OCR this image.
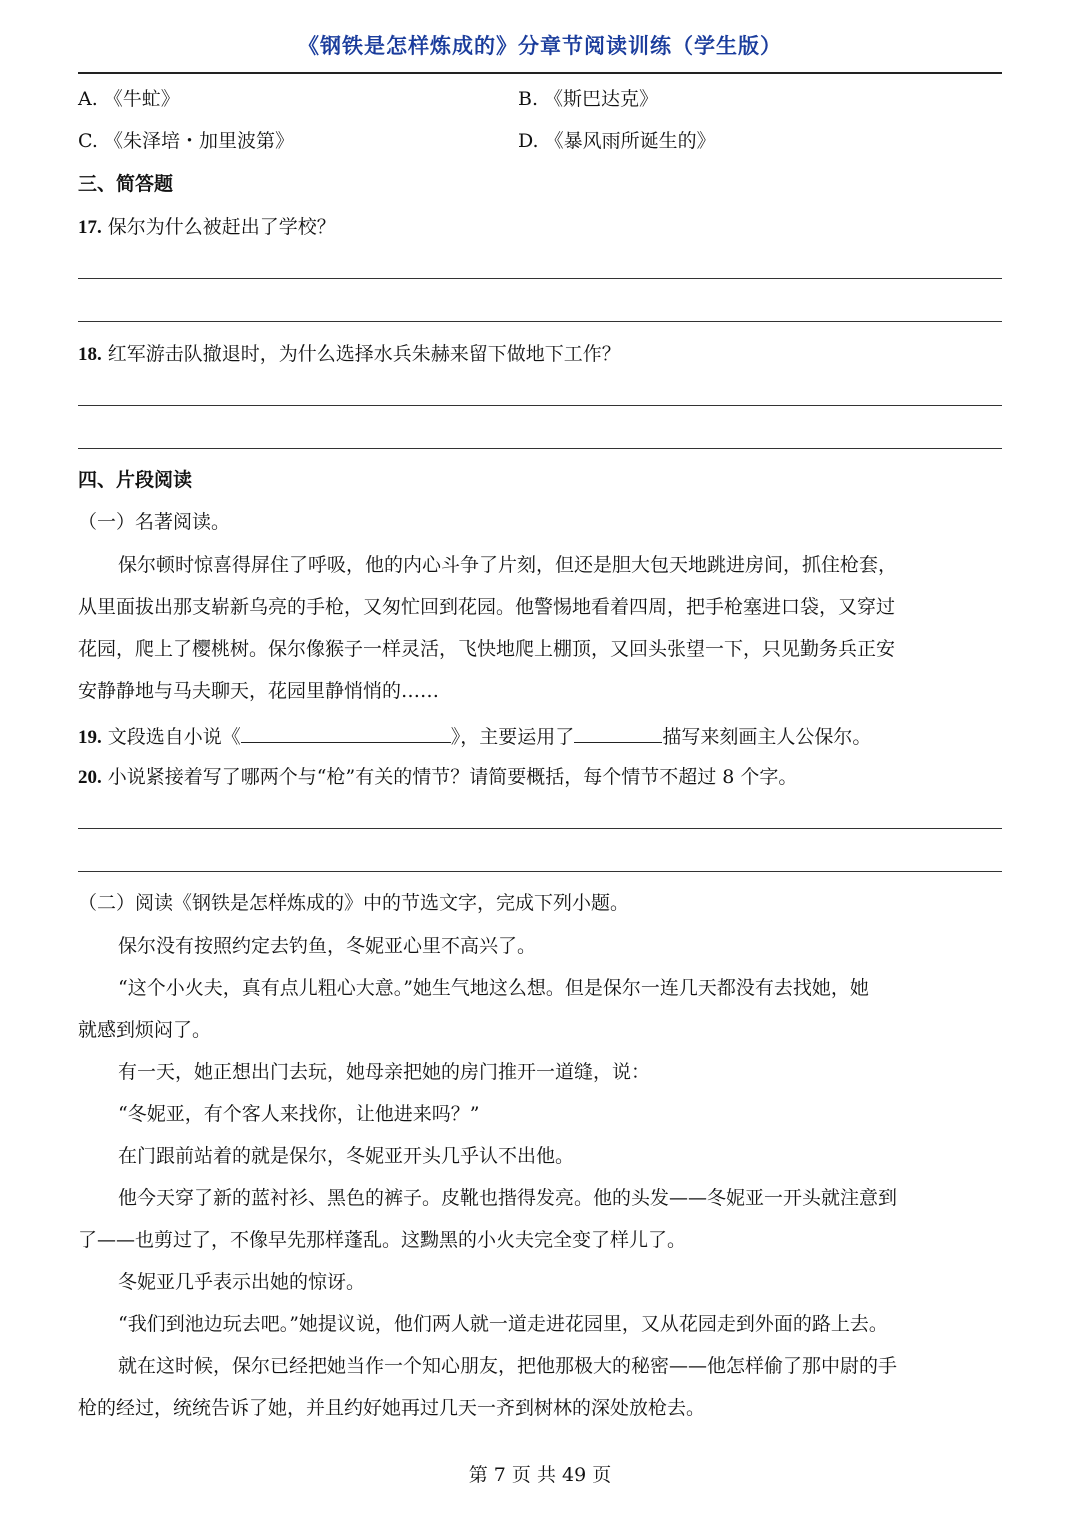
《钢铁是怎样炼成的》分章节阅读训练（学生版）
A. 《牛虻》	B. 《斯巴达克》
C. 《朱泽培・加里波第》	D. 《暴风雨所诞生的》
三、简答题
17. 保尔为什么被赶出了学校？
18. 红军游击队撤退时，为什么选择水兵朱赫来留下做地下工作？
四、片段阅读
（一）名著阅读。
保尔顿时惊喜得屏住了呼吸，他的内心斗争了片刻，但还是胆大包天地跳进房间，抓住枪套，
从里面拔出那支崭新乌亮的手枪，又匆忙回到花园。他警惕地看着四周，把手枪塞进口袋，又穿过
花园，爬上了樱桃树。保尔像猴子一样灵活，飞快地爬上棚顶，又回头张望一下，只见勤务兵正安
安静静地与马夫聊天，花园里静悄悄的……
19. 文段选自小说《	》，主要运用了	描写来刻画主人公保尔。
20. 小说紧接着写了哪两个与“枪”有关的情节？请简要概括，每个情节不超过 8 个字。
（二）阅读《钢铁是怎样炼成的》中的节选文字，完成下列小题。
保尔没有按照约定去钓鱼，冬妮亚心里不高兴了。
“这个小火夫，真有点儿粗心大意。”她生气地这么想。但是保尔一连几天都没有去找她，她
就感到烦闷了。
有一天，她正想出门去玩，她母亲把她的房门推开一道缝，说：
“冬妮亚，有个客人来找你，让他进来吗？”
在门跟前站着的就是保尔，冬妮亚开头几乎认不出他。
他今天穿了新的蓝衬衫、黑色的裤子。皮靴也揩得发亮。他的头发——冬妮亚一开头就注意到
了——也剪过了，不像早先那样蓬乱。这黝黑的小火夫完全变了样儿了。
冬妮亚几乎表示出她的惊讶。
“我们到池边玩去吧。”她提议说，他们两人就一道走进花园里，又从花园走到外面的路上去。
就在这时候，保尔已经把她当作一个知心朋友，把他那极大的秘密——他怎样偷了那中尉的手
枪的经过，统统告诉了她，并且约好她再过几天一齐到树林的深处放枪去。
第 7 页 共 49 页
